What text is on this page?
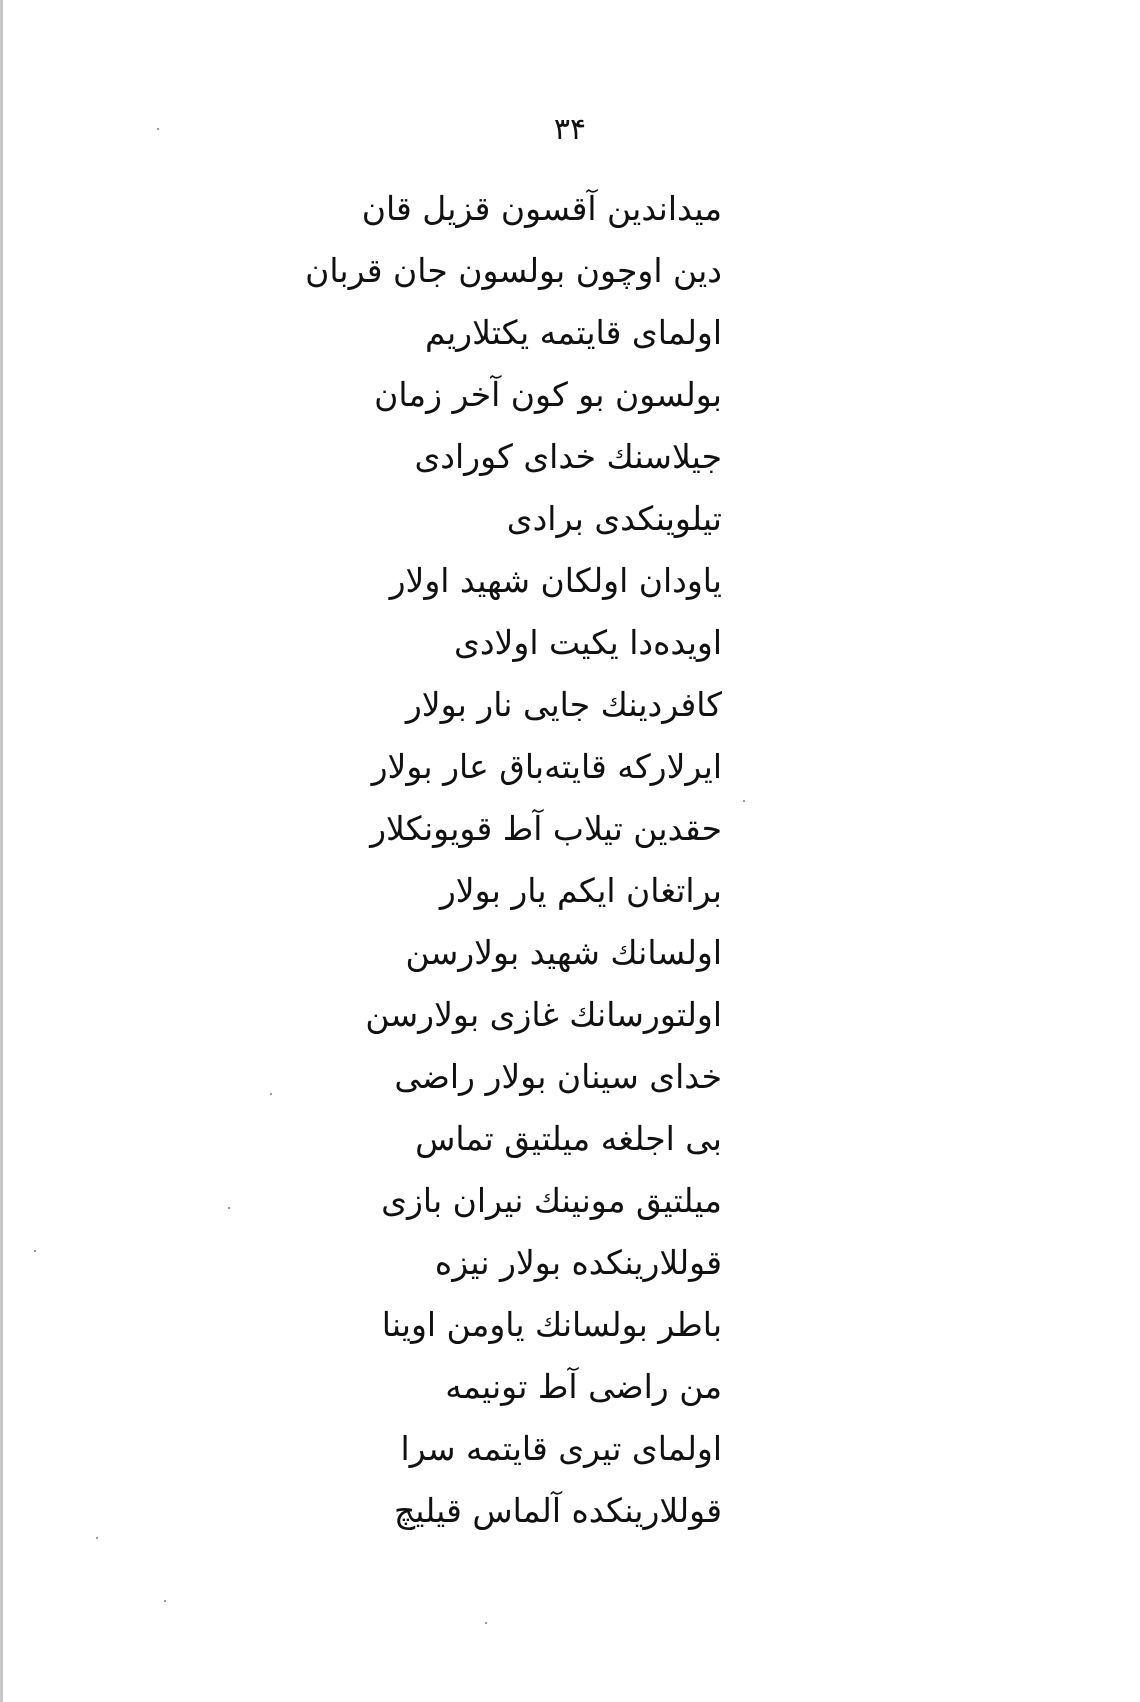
۳۴
میداندین آقسون قزیل قان
دین اوچون بولسون جان قربان
اولمای قایتمه یکتلاریم
بولسون بو کون آخر زمان
جیلاسنك خدای کورادی
تیلوینکدی برادی
یاودان اولکان شهید اولار
اویده‌دا یکیت اولادی
کافردینك جایی نار بولار
ایرلارکه قایته‌باق عار بولار
حقدین تیلاب آط قویونکلار
براتغان ایکم یار بولار
اولسانك شهید بولارسن
اولتورسانك غازی بولارسن
خدای سینان بولار راضی
بی اجلغه میلتیق تماس
میلتیق مونینك نیران بازی
قوللارینکده بولار نیزه
باطر بولسانك یاومن اوینا
من راضی آط تونیمه
اولمای تیری قایتمه سرا
قوللارینکده آلماس قیلیچ
